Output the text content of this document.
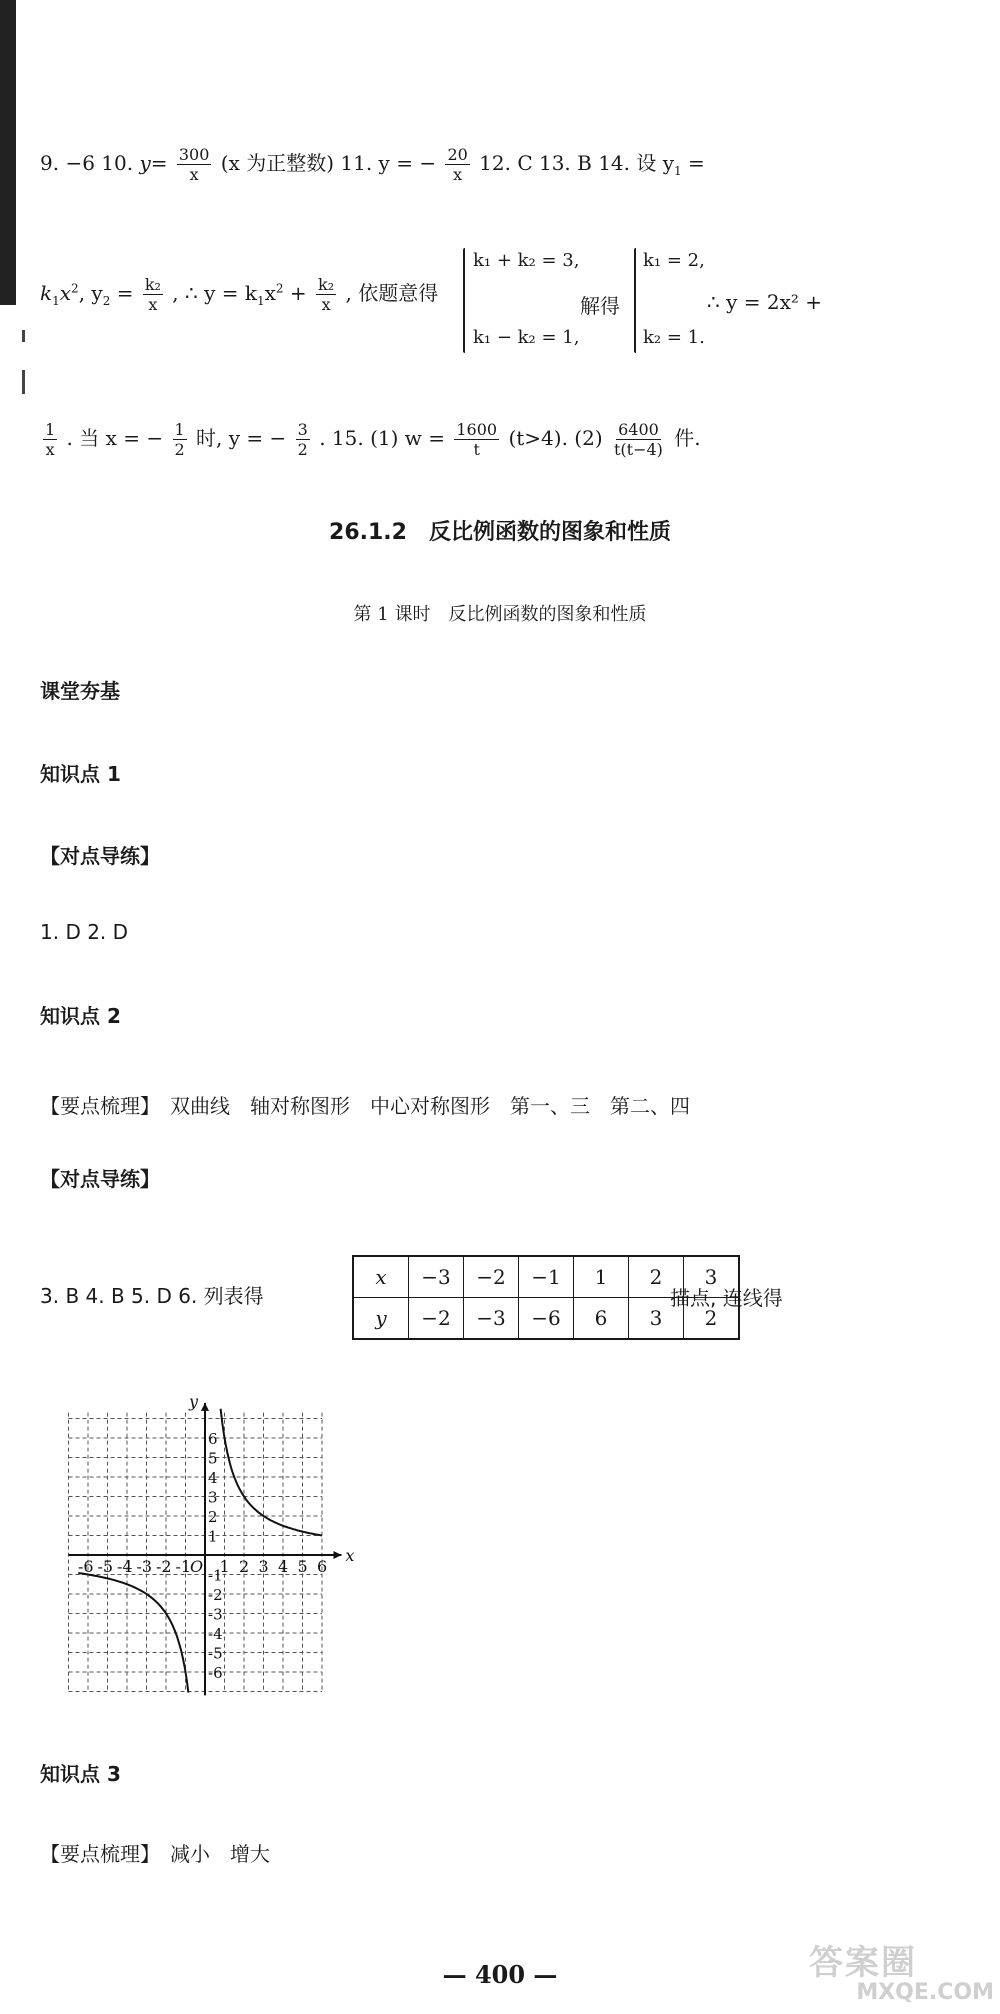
9. −6 10. $y= \frac{300}{x} (x$ 为正整数) 11. y = − $\frac{20}{x} 12$. C 13. B 14. 设 $y_1$ =
$k_1x^2$, $y_2 = \frac{\text{k₂}}{x}$ , ∴ $y = k_1x^2 + \frac{\text{k₂}}{x}$ , 依题意得
k₁ + k₂ = 3,
k₁ − k₂ = 1,
解得
k₁ = 2,
k₂ = 1.
∴ y = 2x² +
$\frac{1}{x}$ . 当 x = − $\frac{1}{2}$ 时, y = − $\frac{3}{2}$ . 15. (1) $w = \frac{1600}{t} (t>4)$. $(2) \frac{6400}{t(t-4)}$ 件.
26.1.2　反比例函数的图象和性质
第 1 课时　反比例函数的图象和性质
课堂夯基
知识点 1
【对点导练】
1. D 2. D
知识点 2
【要点梳理】　双曲线　轴对称图形　中心对称图形　第一、三　第二、四
【对点导练】
3. B 4. B 5. D 6. 列表得
x	−3	−2	−1	1	2	3
y	−2	−3	−6	6	3	2
描点, 连线得
x
y
O
-6 -5 -4 -3 -2 -1 1 2 3 4 5 6
6
5
4
3
2
1
-1
-2
-3
-4
-5
-6
知识点 3
【要点梳理】　减小　增大
— 400 —	答案圈
MXQE.COM
